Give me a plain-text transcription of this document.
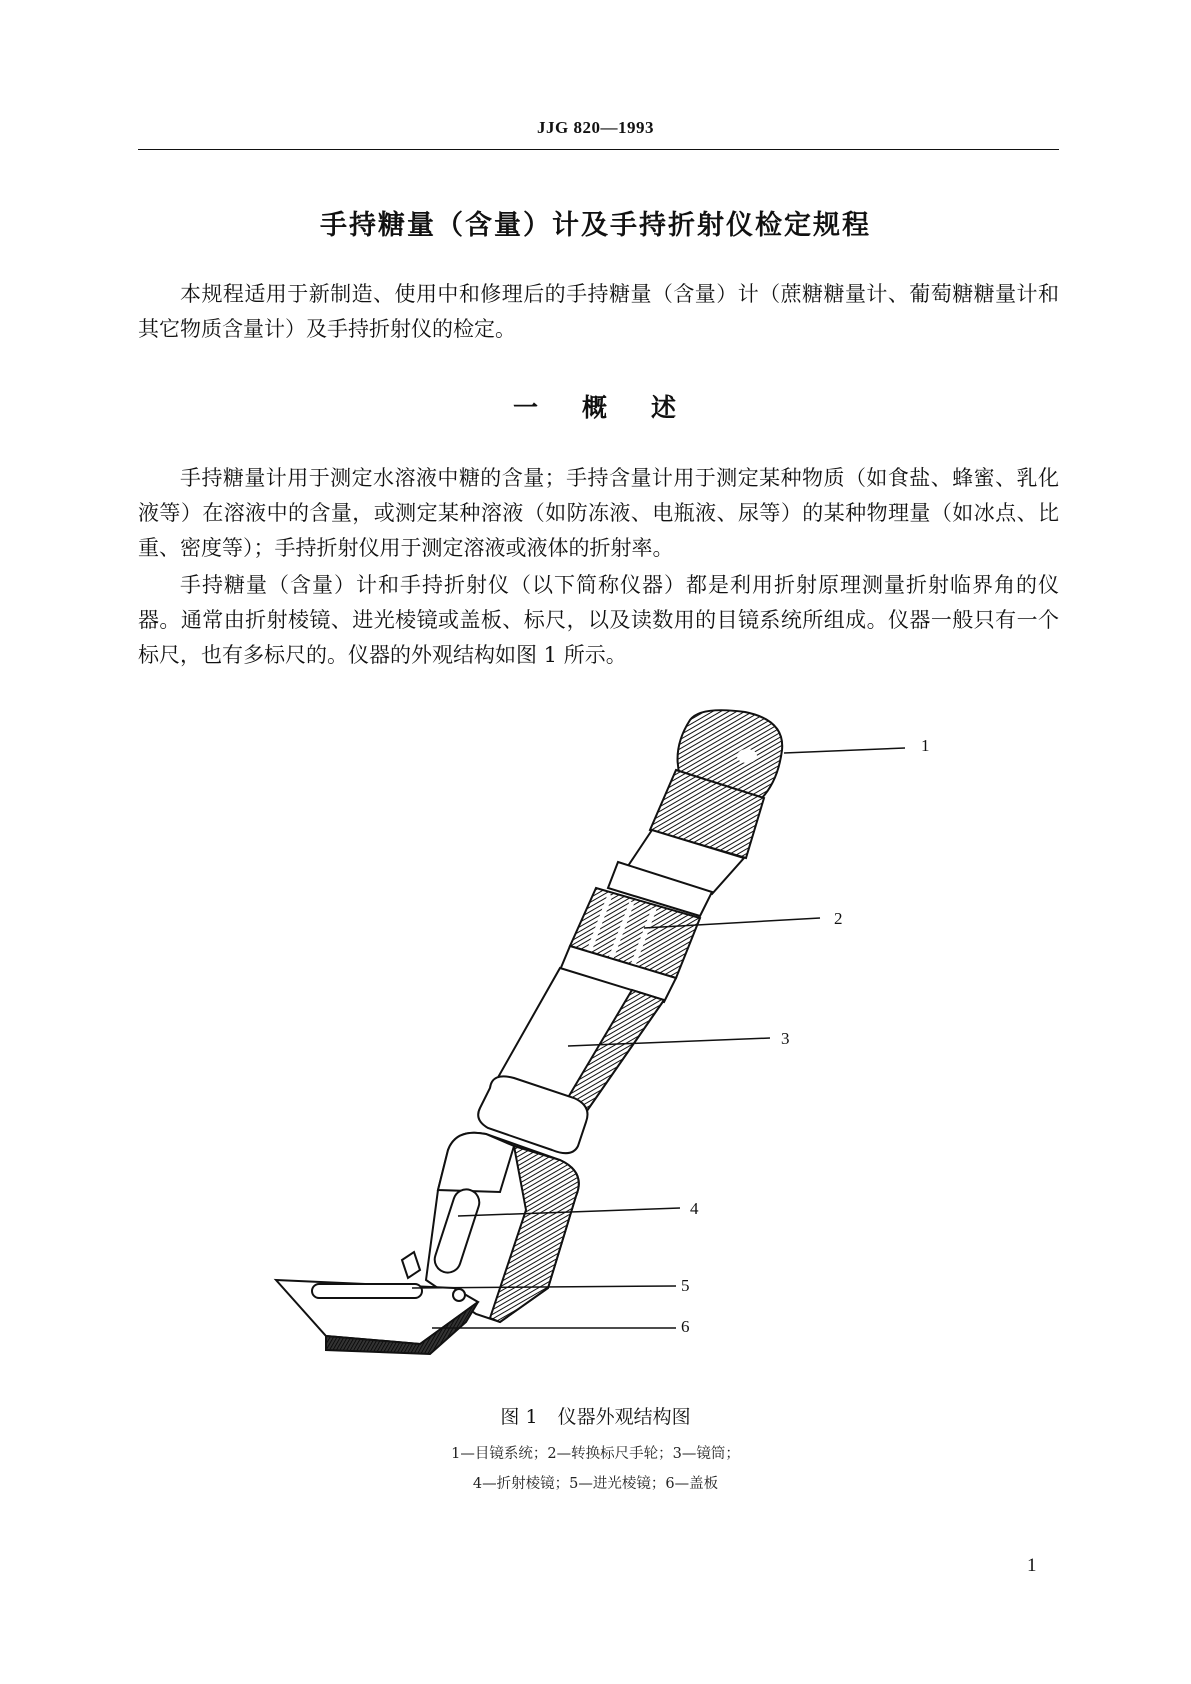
JJG 820—1993
手持糖量（含量）计及手持折射仪检定规程

本规程适用于新制造、使用中和修理后的手持糖量（含量）计（蔗糖糖量计、葡萄糖糖量计和其它物质含量计）及手持折射仪的检定。

一 概 述

手持糖量计用于测定水溶液中糖的含量；手持含量计用于测定某种物质（如食盐、蜂蜜、乳化液等）在溶液中的含量，或测定某种溶液（如防冻液、电瓶液、尿等）的某种物理量（如冰点、比重、密度等）；手持折射仪用于测定溶液或液体的折射率。

手持糖量（含量）计和手持折射仪（以下简称仪器）都是利用折射原理测量折射临界角的仪器。通常由折射棱镜、进光棱镜或盖板、标尺，以及读数用的目镜系统所组成。仪器一般只有一个标尺，也有多标尺的。仪器的外观结构如图 1 所示。

1
2
3
4
5
6
图 1 仪器外观结构图
1—目镜系统；2—转换标尺手轮；3—镜筒；
4—折射棱镜；5—进光棱镜；6—盖板
1
